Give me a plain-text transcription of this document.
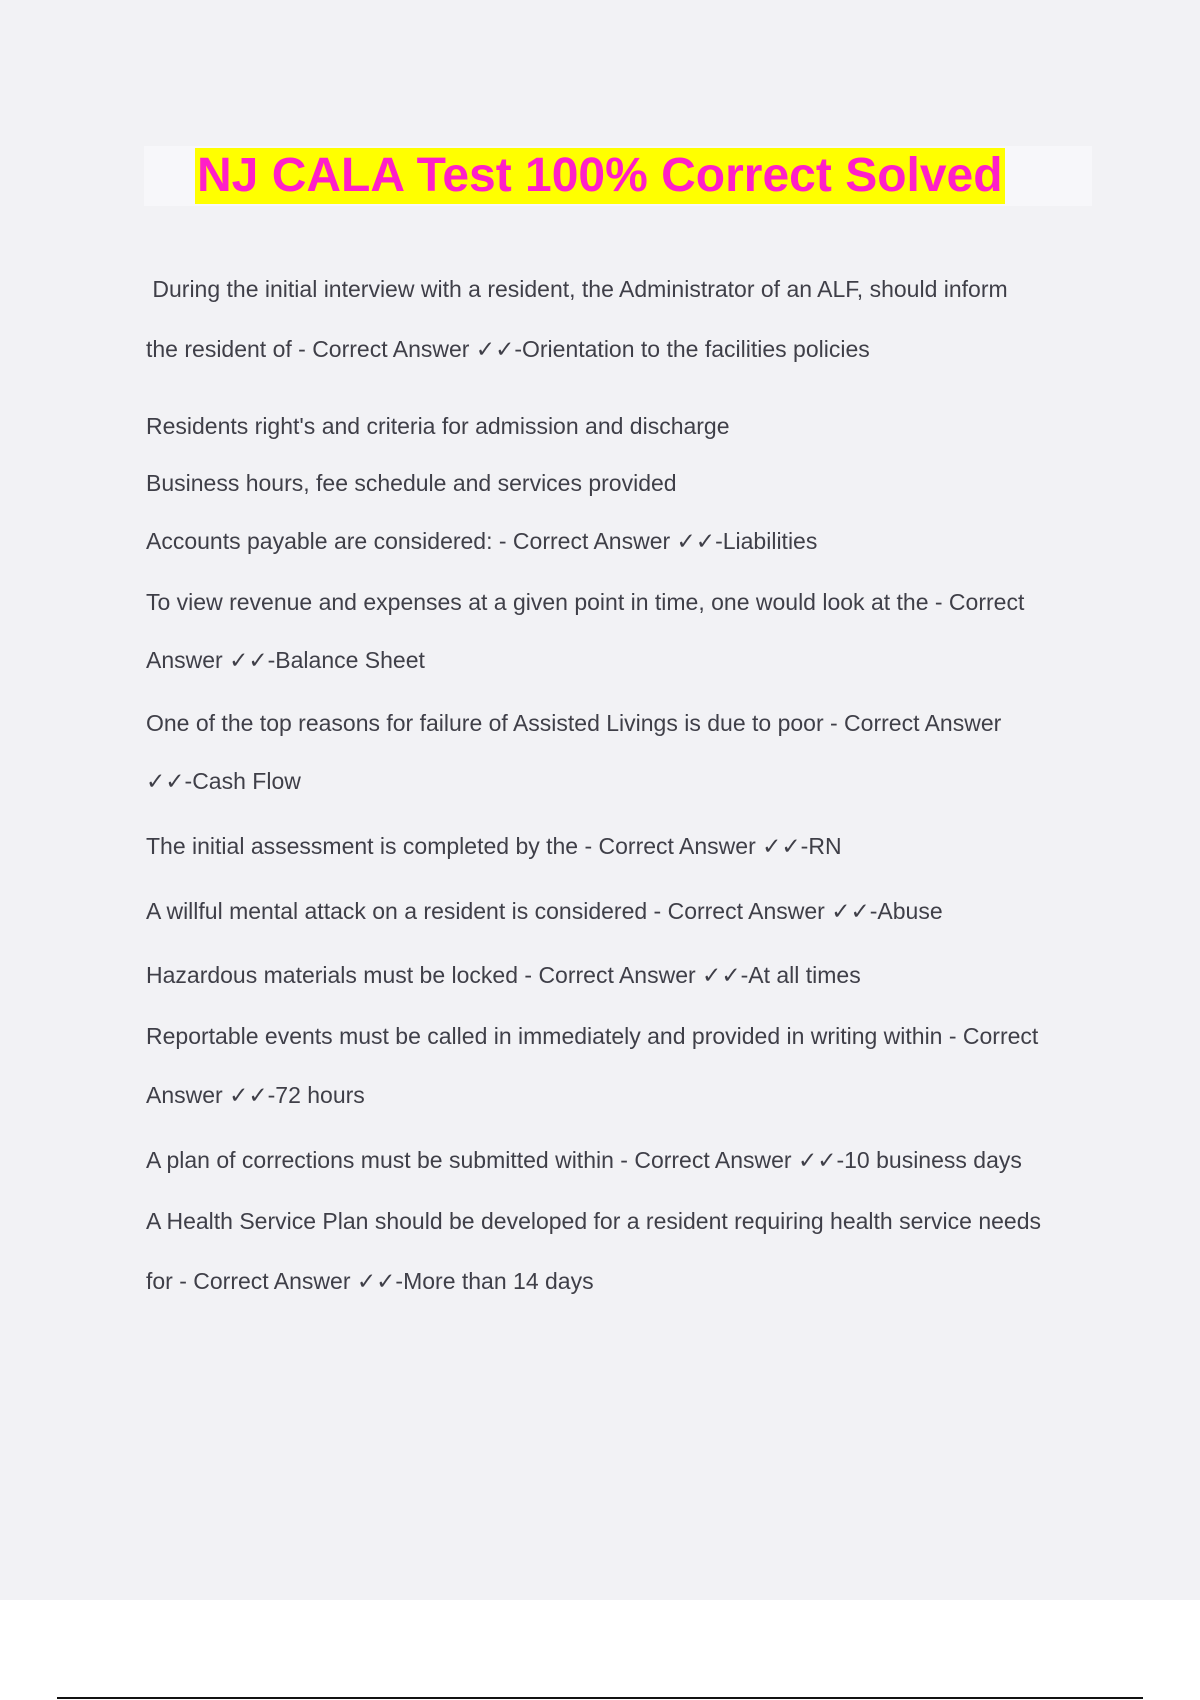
NJ CALA Test 100% Correct Solved

During the initial interview with a resident, the Administrator of an ALF, should inform

the resident of - Correct Answer ✓✓-Orientation to the facilities policies

Residents right's and criteria for admission and discharge

Business hours, fee schedule and services provided

Accounts payable are considered: - Correct Answer ✓✓-Liabilities

To view revenue and expenses at a given point in time, one would look at the - Correct

Answer ✓✓-Balance Sheet

One of the top reasons for failure of Assisted Livings is due to poor - Correct Answer

✓✓-Cash Flow

The initial assessment is completed by the - Correct Answer ✓✓-RN

A willful mental attack on a resident is considered - Correct Answer ✓✓-Abuse

Hazardous materials must be locked - Correct Answer ✓✓-At all times

Reportable events must be called in immediately and provided in writing within - Correct

Answer ✓✓-72 hours

A plan of corrections must be submitted within - Correct Answer ✓✓-10 business days

A Health Service Plan should be developed for a resident requiring health service needs

for - Correct Answer ✓✓-More than 14 days
